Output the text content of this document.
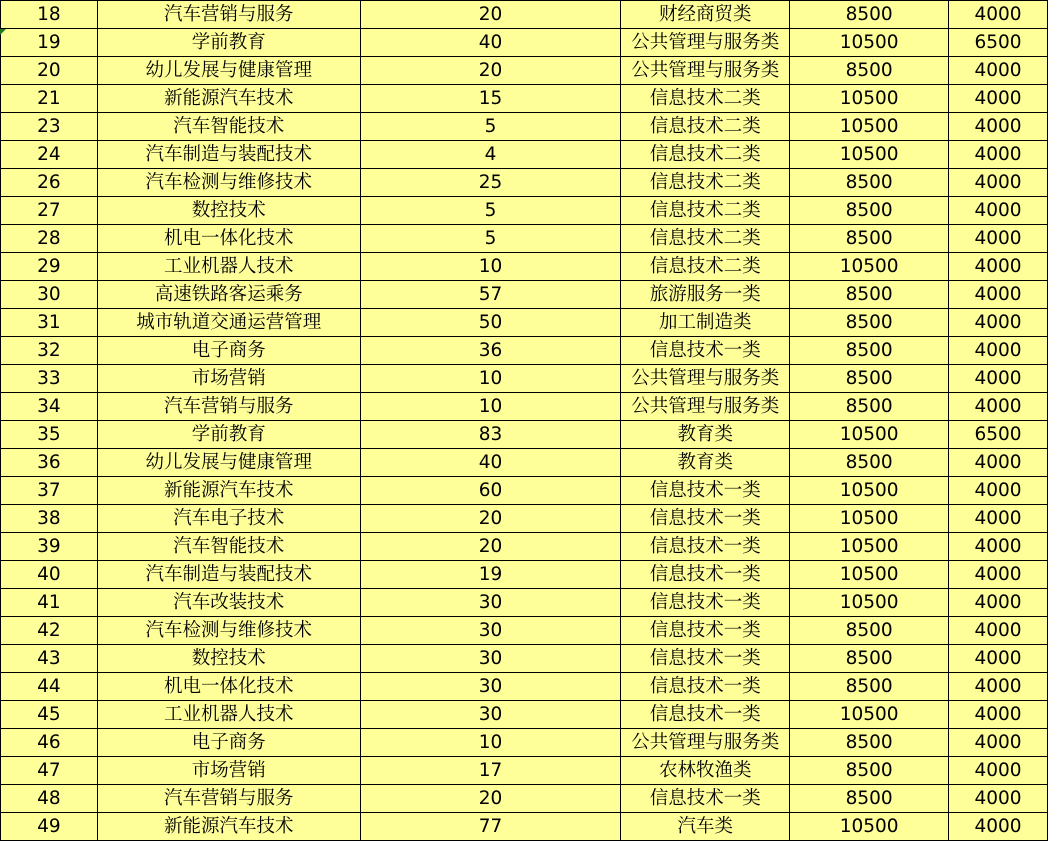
18	汽车营销与服务	20	财经商贸类	8500	4000
19	学前教育	40	公共管理与服务类	10500	6500
20	幼儿发展与健康管理	20	公共管理与服务类	8500	4000
21	新能源汽车技术	15	信息技术二类	10500	4000
23	汽车智能技术	5	信息技术二类	10500	4000
24	汽车制造与装配技术	4	信息技术二类	10500	4000
26	汽车检测与维修技术	25	信息技术二类	8500	4000
27	数控技术	5	信息技术二类	8500	4000
28	机电一体化技术	5	信息技术二类	8500	4000
29	工业机器人技术	10	信息技术二类	10500	4000
30	高速铁路客运乘务	57	旅游服务一类	8500	4000
31	城市轨道交通运营管理	50	加工制造类	8500	4000
32	电子商务	36	信息技术一类	8500	4000
33	市场营销	10	公共管理与服务类	8500	4000
34	汽车营销与服务	10	公共管理与服务类	8500	4000
35	学前教育	83	教育类	10500	6500
36	幼儿发展与健康管理	40	教育类	8500	4000
37	新能源汽车技术	60	信息技术一类	10500	4000
38	汽车电子技术	20	信息技术一类	10500	4000
39	汽车智能技术	20	信息技术一类	10500	4000
40	汽车制造与装配技术	19	信息技术一类	10500	4000
41	汽车改装技术	30	信息技术一类	10500	4000
42	汽车检测与维修技术	30	信息技术一类	8500	4000
43	数控技术	30	信息技术一类	8500	4000
44	机电一体化技术	30	信息技术一类	8500	4000
45	工业机器人技术	30	信息技术一类	10500	4000
46	电子商务	10	公共管理与服务类	8500	4000
47	市场营销	17	农林牧渔类	8500	4000
48	汽车营销与服务	20	信息技术一类	8500	4000
49	新能源汽车技术	77	汽车类	10500	4000
